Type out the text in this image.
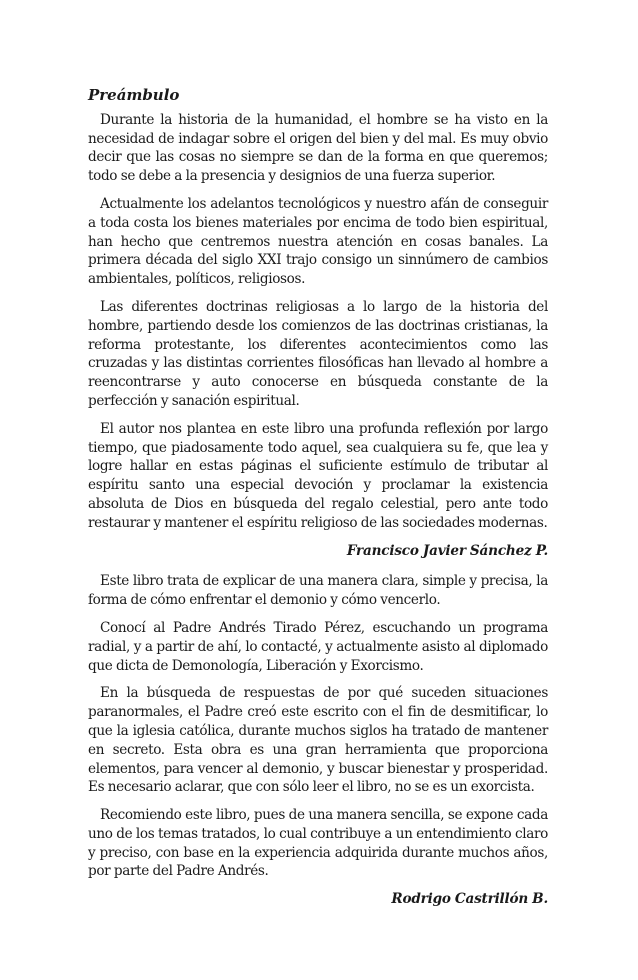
Preámbulo

Durante la historia de la humanidad, el hombre se ha visto en la necesidad de indagar sobre el origen del bien y del mal. Es muy obvio decir que las cosas no siempre se dan de la forma en que queremos; todo se debe a la presencia y designios de una fuerza superior.

Actualmente los adelantos tecnológicos y nuestro afán de conseguir a toda costa los bienes materiales por encima de todo bien espiritual, han hecho que centremos nuestra atención en cosas banales. La primera década del siglo XXI trajo consigo un sinnúmero de cambios ambientales, políticos, religiosos.

Las diferentes doctrinas religiosas a lo largo de la historia del hombre, partiendo desde los comienzos de las doctrinas cristianas, la reforma protestante, los diferentes acontecimientos como las cruzadas y las distintas corrientes filosóficas han llevado al hombre a reencontrarse y auto conocerse en búsqueda constante de la perfección y sanación espiritual.

El autor nos plantea en este libro una profunda reflexión por largo tiempo, que piadosamente todo aquel, sea cualquiera su fe, que lea y logre hallar en estas páginas el suficiente estímulo de tributar al espíritu santo una especial devoción y proclamar la existencia absoluta de Dios en búsqueda del regalo celestial, pero ante todo restaurar y mantener el espíritu religioso de las sociedades modernas.

Francisco Javier Sánchez P.

Este libro trata de explicar de una manera clara, simple y precisa, la forma de cómo enfrentar el demonio y cómo vencerlo.

Conocí al Padre Andrés Tirado Pérez, escuchando un programa radial, y a partir de ahí, lo contacté, y actualmente asisto al diplomado que dicta de Demonología, Liberación y Exorcismo.

En la búsqueda de respuestas de por qué suceden situaciones paranormales, el Padre creó este escrito con el fin de desmitificar, lo que la iglesia católica, durante muchos siglos ha tratado de mantener en secreto. Esta obra es una gran herramienta que proporciona elementos, para vencer al demonio, y buscar bienestar y prosperidad. Es necesario aclarar, que con sólo leer el libro, no se es un exorcista.

Recomiendo este libro, pues de una manera sencilla, se expone cada uno de los temas tratados, lo cual contribuye a un entendimiento claro y preciso, con base en la experiencia adquirida durante muchos años, por parte del Padre Andrés.

Rodrigo Castrillón B.
